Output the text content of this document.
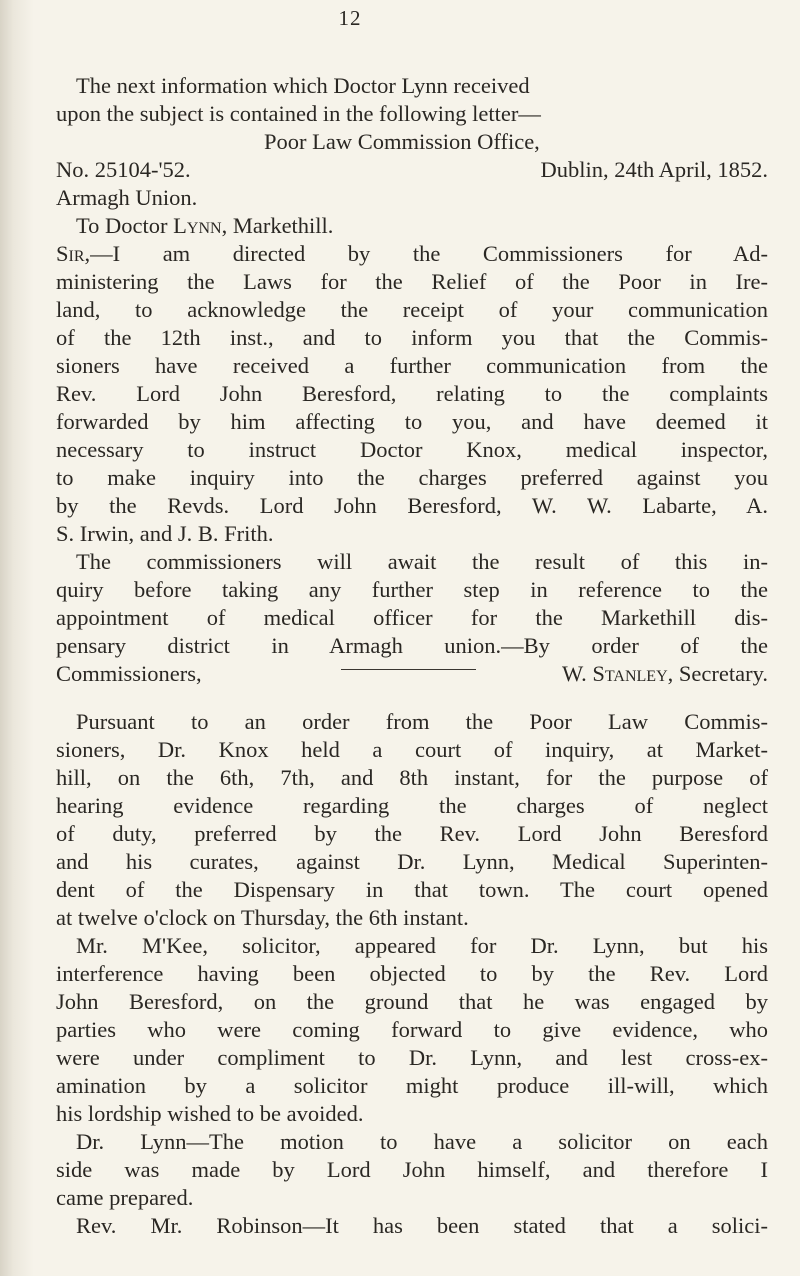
12
The next information which Doctor Lynn received
upon the subject is contained in the following letter—
Poor Law Commission Office,
No. 25104-'52.	Dublin, 24th April, 1852.
Armagh Union.
To Doctor Lynn, Markethill.
Sir,—I am directed by the Commissioners for Ad-
ministering the Laws for the Relief of the Poor in Ire-
land, to acknowledge the receipt of your communication
of the 12th inst., and to inform you that the Commis-
sioners have received a further communication from the
Rev. Lord John Beresford, relating to the complaints
forwarded by him affecting to you, and have deemed it
necessary to instruct Doctor Knox, medical inspector,
to make inquiry into the charges preferred against you
by the Revds. Lord John Beresford, W. W. Labarte, A.
S. Irwin, and J. B. Frith.
The commissioners will await the result of this in-
quiry before taking any further step in reference to the
appointment of medical officer for the Markethill dis-
pensary district in Armagh union.—By order of the
Commissioners,	W. Stanley, Secretary.
Pursuant to an order from the Poor Law Commis-
sioners, Dr. Knox held a court of inquiry, at Market-
hill, on the 6th, 7th, and 8th instant, for the purpose of
hearing evidence regarding the charges of neglect
of duty, preferred by the Rev. Lord John Beresford
and his curates, against Dr. Lynn, Medical Superinten-
dent of the Dispensary in that town. The court opened
at twelve o'clock on Thursday, the 6th instant.
Mr. M'Kee, solicitor, appeared for Dr. Lynn, but his
interference having been objected to by the Rev. Lord
John Beresford, on the ground that he was engaged by
parties who were coming forward to give evidence, who
were under compliment to Dr. Lynn, and lest cross-ex-
amination by a solicitor might produce ill-will, which
his lordship wished to be avoided.
Dr. Lynn—The motion to have a solicitor on each
side was made by Lord John himself, and therefore I
came prepared.
Rev. Mr. Robinson—It has been stated that a solici-
